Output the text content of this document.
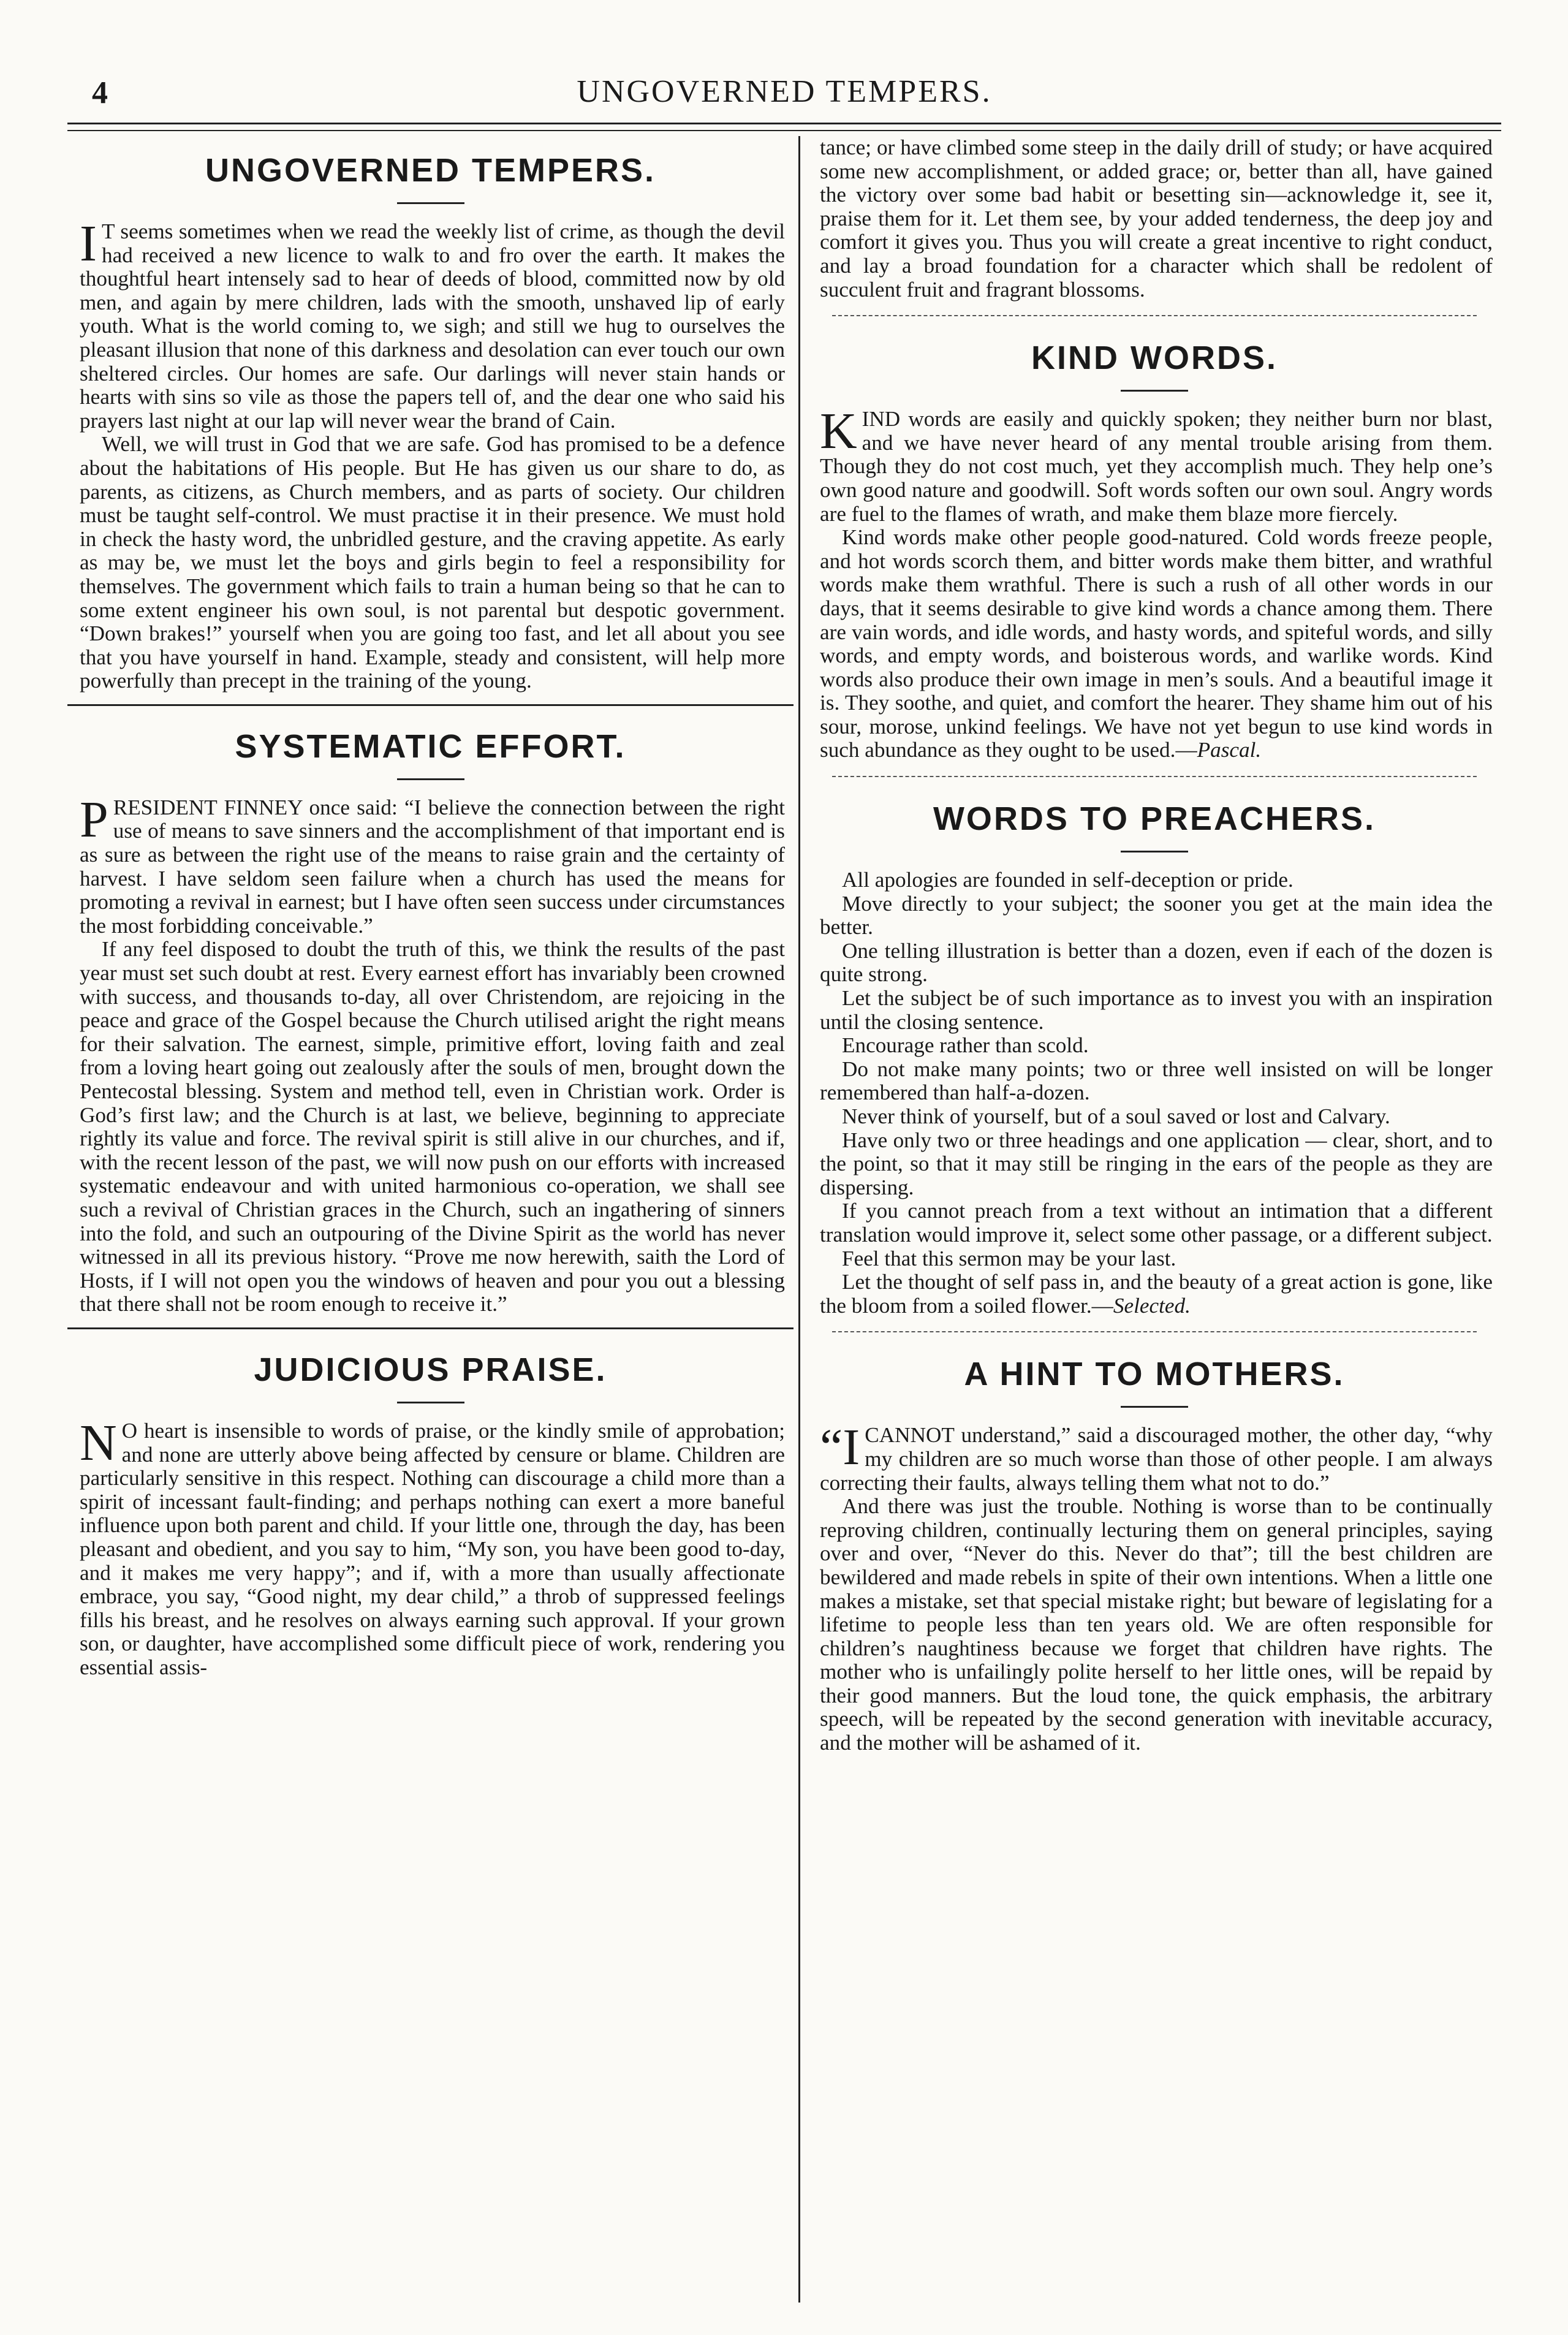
4	UNGOVERNED TEMPERS.
UNGOVERNED TEMPERS.

I T seems sometimes when we read the weekly list of crime, as though the devil had received a new licence to walk to and fro over the earth. It makes the thoughtful heart intensely sad to hear of deeds of blood, committed now by old men, and again by mere children, lads with the smooth, unshaved lip of early youth. What is the world coming to, we sigh; and still we hug to ourselves the pleasant illusion that none of this darkness and desolation can ever touch our own sheltered circles. Our homes are safe. Our darlings will never stain hands or hearts with sins so vile as those the papers tell of, and the dear one who said his prayers last night at our lap will never wear the brand of Cain.

Well, we will trust in God that we are safe. God has promised to be a defence about the habitations of His people. But He has given us our share to do, as parents, as citizens, as Church members, and as parts of society. Our children must be taught self-control. We must practise it in their presence. We must hold in check the hasty word, the unbridled gesture, and the craving appetite. As early as may be, we must let the boys and girls begin to feel a responsibility for themselves. The government which fails to train a human being so that he can to some extent engineer his own soul, is not parental but despotic government. “Down brakes!” yourself when you are going too fast, and let all about you see that you have yourself in hand. Example, steady and consistent, will help more powerfully than precept in the training of the young.

SYSTEMATIC EFFORT.

PRESIDENT FINNEY once said: “I believe the connection between the right use of means to save sinners and the accomplishment of that important end is as sure as between the right use of the means to raise grain and the certainty of harvest. I have seldom seen failure when a church has used the means for promoting a revival in earnest; but I have often seen success under circumstances the most forbidding conceivable.”

If any feel disposed to doubt the truth of this, we think the results of the past year must set such doubt at rest. Every earnest effort has invariably been crowned with success, and thousands to-day, all over Christendom, are rejoicing in the peace and grace of the Gospel because the Church utilised aright the right means for their salvation. The earnest, simple, primitive effort, loving faith and zeal from a loving heart going out zealously after the souls of men, brought down the Pentecostal blessing. System and method tell, even in Christian work. Order is God’s first law; and the Church is at last, we believe, beginning to appreciate rightly its value and force. The revival spirit is still alive in our churches, and if, with the recent lesson of the past, we will now push on our efforts with increased systematic endeavour and with united harmonious co-operation, we shall see such a revival of Christian graces in the Church, such an ingathering of sinners into the fold, and such an outpouring of the Divine Spirit as the world has never witnessed in all its previous history. “Prove me now herewith, saith the Lord of Hosts, if I will not open you the windows of heaven and pour you out a blessing that there shall not be room enough to receive it.”

JUDICIOUS PRAISE.

N O heart is insensible to words of praise, or the kindly smile of approbation; and none are utterly above being affected by censure or blame. Children are particularly sensitive in this respect. Nothing can discourage a child more than a spirit of incessant fault-finding; and perhaps nothing can exert a more baneful influence upon both parent and child. If your little one, through the day, has been pleasant and obedient, and you say to him, “My son, you have been good to-day, and it makes me very happy”; and if, with a more than usually affectionate embrace, you say, “Good night, my dear child,” a throb of suppressed feelings fills his breast, and he resolves on always earning such approval. If your grown son, or daughter, have accomplished some difficult piece of work, rendering you essential assis-

tance; or have climbed some steep in the daily drill of study; or have acquired some new accomplishment, or added grace; or, better than all, have gained the victory over some bad habit or besetting sin—acknowledge it, see it, praise them for it. Let them see, by your added tenderness, the deep joy and comfort it gives you. Thus you will create a great incentive to right conduct, and lay a broad foundation for a character which shall be redolent of succulent fruit and fragrant blossoms.

KIND WORDS.

KIND words are easily and quickly spoken; they neither burn nor blast, and we have never heard of any mental trouble arising from them. Though they do not cost much, yet they accomplish much. They help one’s own good nature and goodwill. Soft words soften our own soul. Angry words are fuel to the flames of wrath, and make them blaze more fiercely.

Kind words make other people good-natured. Cold words freeze people, and hot words scorch them, and bitter words make them bitter, and wrathful words make them wrathful. There is such a rush of all other words in our days, that it seems desirable to give kind words a chance among them. There are vain words, and idle words, and hasty words, and spiteful words, and silly words, and empty words, and boisterous words, and warlike words. Kind words also produce their own image in men’s souls. And a beautiful image it is. They soothe, and quiet, and comfort the hearer. They shame him out of his sour, morose, unkind feelings. We have not yet begun to use kind words in such abundance as they ought to be used.—Pascal.

WORDS TO PREACHERS.

All apologies are founded in self-deception or pride.

Move directly to your subject; the sooner you get at the main idea the better.

One telling illustration is better than a dozen, even if each of the dozen is quite strong.

Let the subject be of such importance as to invest you with an inspiration until the closing sentence.

Encourage rather than scold.

Do not make many points; two or three well insisted on will be longer remembered than half-a-dozen.

Never think of yourself, but of a soul saved or lost and Calvary.

Have only two or three headings and one application — clear, short, and to the point, so that it may still be ringing in the ears of the people as they are dispersing.

If you cannot preach from a text without an intimation that a different translation would improve it, select some other passage, or a different subject.

Feel that this sermon may be your last.

Let the thought of self pass in, and the beauty of a great action is gone, like the bloom from a soiled flower.—Selected.

A HINT TO MOTHERS.

“I CANNOT understand,” said a discouraged mother, the other day, “why my children are so much worse than those of other people. I am always correcting their faults, always telling them what not to do.”

And there was just the trouble. Nothing is worse than to be continually reproving children, continually lecturing them on general principles, saying over and over, “Never do this. Never do that”; till the best children are bewildered and made rebels in spite of their own intentions. When a little one makes a mistake, set that special mistake right; but beware of legislating for a lifetime to people less than ten years old. We are often responsible for children’s naughtiness because we forget that children have rights. The mother who is unfailingly polite herself to her little ones, will be repaid by their good manners. But the loud tone, the quick emphasis, the arbitrary speech, will be repeated by the second generation with inevitable accuracy, and the mother will be ashamed of it.
